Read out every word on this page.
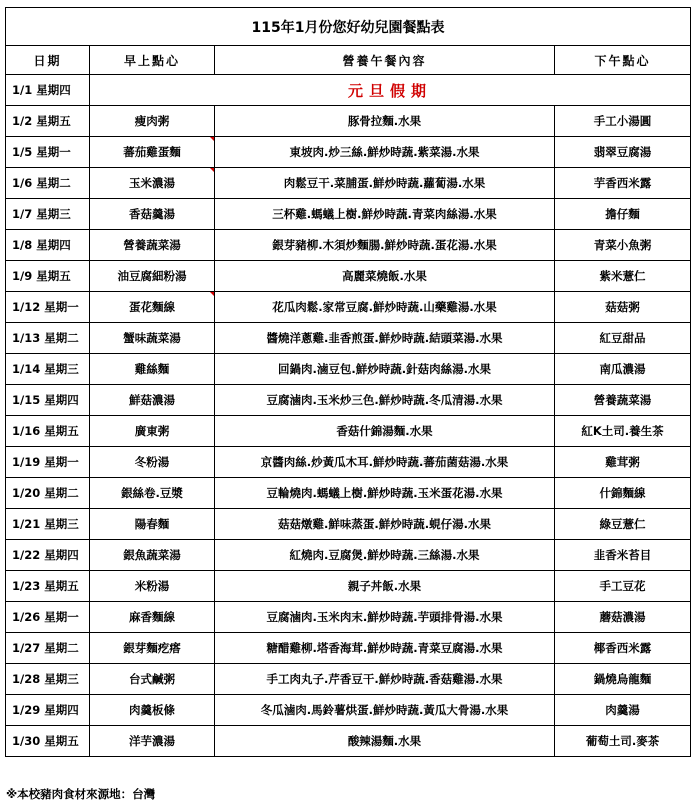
115年1月份您好幼兒園餐點表			
日期	早上點心	營養午餐內容	下午點心
1/1 星期四	元旦假期		
1/2 星期五	瘦肉粥	豚骨拉麵.水果	手工小湯圓
1/5 星期一	蕃茄雞蛋麵	東坡肉.炒三絲.鮮炒時蔬.紫菜湯.水果	翡翠豆腐湯
1/6 星期二	玉米濃湯	肉鬆豆干.菜脯蛋.鮮炒時蔬.蘿蔔湯.水果	芋香西米露
1/7 星期三	香菇羹湯	三杯雞.螞蟻上樹.鮮炒時蔬.青菜肉絲湯.水果	擔仔麵
1/8 星期四	營養蔬菜湯	銀芽豬柳.木須炒麵腸.鮮炒時蔬.蛋花湯.水果	青菜小魚粥
1/9 星期五	油豆腐細粉湯	高麗菜燒飯.水果	紫米薏仁
1/12 星期一	蛋花麵線	花瓜肉鬆.家常豆腐.鮮炒時蔬.山藥雞湯.水果	菇菇粥
1/13 星期二	蟹味蔬菜湯	醬燒洋蔥雞.韭香煎蛋.鮮炒時蔬.結頭菜湯.水果	紅豆甜品
1/14 星期三	雞絲麵	回鍋肉.滷豆包.鮮炒時蔬.針菇肉絲湯.水果	南瓜濃湯
1/15 星期四	鮮菇濃湯	豆腐滷肉.玉米炒三色.鮮炒時蔬.冬瓜清湯.水果	營養蔬菜湯
1/16 星期五	廣東粥	香菇什錦湯麵.水果	紅K土司.養生茶
1/19 星期一	冬粉湯	京醬肉絲.炒黃瓜木耳.鮮炒時蔬.蕃茄菌菇湯.水果	雞茸粥
1/20 星期二	銀絲卷.豆漿	豆輪燒肉.螞蟻上樹.鮮炒時蔬.玉米蛋花湯.水果	什錦麵線
1/21 星期三	陽春麵	菇菇燉雞.鮮味蒸蛋.鮮炒時蔬.蜆仔湯.水果	綠豆薏仁
1/22 星期四	銀魚蔬菜湯	紅燒肉.豆腐煲.鮮炒時蔬.三絲湯.水果	韭香米苔目
1/23 星期五	米粉湯	親子丼飯.水果	手工豆花
1/26 星期一	麻香麵線	豆腐滷肉.玉米肉末.鮮炒時蔬.芋頭排骨湯.水果	蘑菇濃湯
1/27 星期二	銀芽麵疙瘩	糖醋雞柳.塔香海茸.鮮炒時蔬.青菜豆腐湯.水果	椰香西米露
1/28 星期三	台式鹹粥	手工肉丸子.芹香豆干.鮮炒時蔬.香菇雞湯.水果	鍋燒烏龍麵
1/29 星期四	肉羹板條	冬瓜滷肉.馬鈴薯烘蛋.鮮炒時蔬.黃瓜大骨湯.水果	肉羹湯
1/30 星期五	洋芋濃湯	酸辣湯麵.水果	葡萄土司.麥茶
※本校豬肉食材來源地：台灣
